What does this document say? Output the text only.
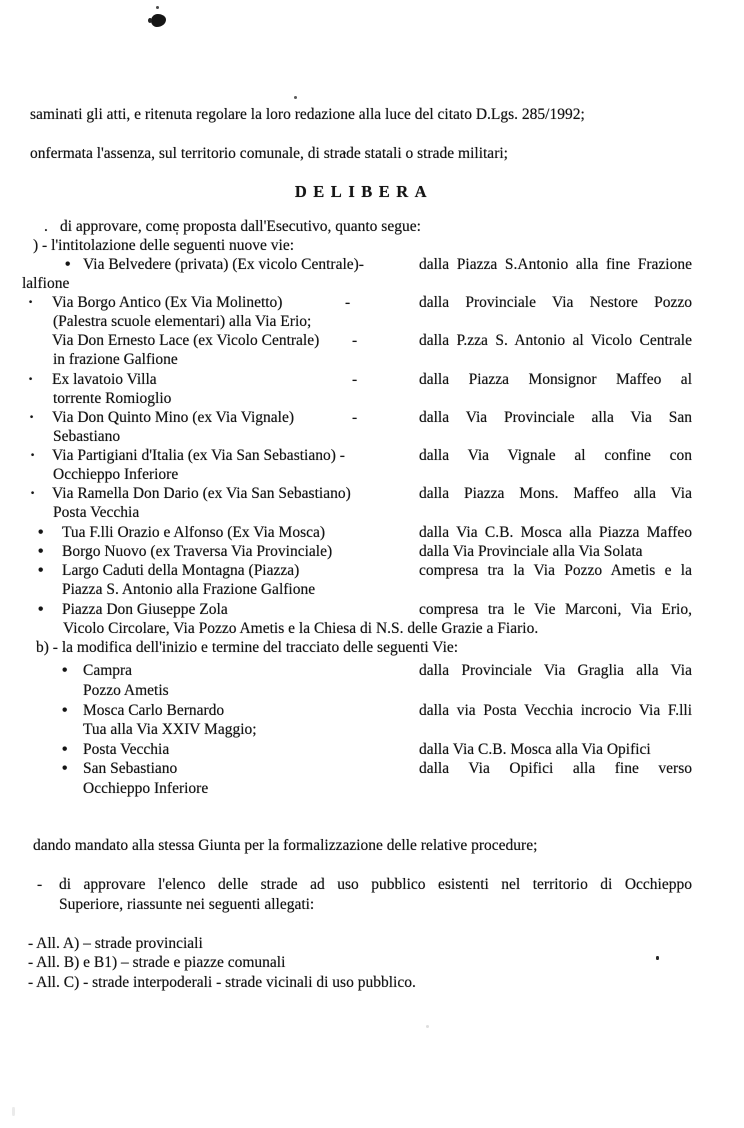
saminati gli atti, e ritenuta regolare la loro redazione alla luce del citato D.Lgs. 285/1992;
onfermata l'assenza, sul territorio comunale, di strade statali o strade militari;
DELIBERA
. di approvare, come proposta dall'Esecutivo, quanto segue:
) - l'intitolazione delle seguenti nuove vie:
• Via Belvedere (privata) (Ex vicolo Centrale)-	dalla Piazza S.Antonio alla fine Frazione
lalfione
· Via Borgo Antico (Ex Via Molinetto)	-	dalla Provinciale Via Nestore Pozzo
(Palestra scuole elementari) alla Via Erio;
Via Don Ernesto Lace (ex Vicolo Centrale) -	dalla P.zza S. Antonio al Vicolo Centrale
in frazione Galfione
· Ex lavatoio Villa	-	dalla Piazza Monsignor Maffeo al
torrente Romioglio
· Via Don Quinto Mino (ex Via Vignale)	-	dalla Via Provinciale alla Via San
Sebastiano
· Via Partigiani d'Italia (ex Via San Sebastiano) -	dalla Via Vignale al confine con
Occhieppo Inferiore
· Via Ramella Don Dario (ex Via San Sebastiano)	dalla Piazza Mons. Maffeo alla Via
Posta Vecchia
• Tua F.lli Orazio e Alfonso (Ex Via Mosca)	dalla Via C.B. Mosca alla Piazza Maffeo
• Borgo Nuovo (ex Traversa Via Provinciale)	dalla Via Provinciale alla Via Solata
• Largo Caduti della Montagna (Piazza)	compresa tra la Via Pozzo Ametis e la
Piazza S. Antonio alla Frazione Galfione
• Piazza Don Giuseppe Zola	compresa tra le Vie Marconi, Via Erio,
Vicolo Circolare, Via Pozzo Ametis e la Chiesa di N.S. delle Grazie a Fiario.
b) - la modifica dell'inizio e termine del tracciato delle seguenti Vie:
• Campra	dalla Provinciale Via Graglia alla Via
Pozzo Ametis
• Mosca Carlo Bernardo	dalla via Posta Vecchia incrocio Via F.lli
Tua alla Via XXIV Maggio;
• Posta Vecchia	dalla Via C.B. Mosca alla Via Opifici
• San Sebastiano	dalla Via Opifici alla fine verso
Occhieppo Inferiore
dando mandato alla stessa Giunta per la formalizzazione delle relative procedure;
- di approvare l'elenco delle strade ad uso pubblico esistenti nel territorio di Occhieppo
Superiore, riassunte nei seguenti allegati:
- All. A) – strade provinciali
- All. B) e B1) – strade e piazze comunali
- All. C) - strade interpoderali - strade vicinali di uso pubblico.
